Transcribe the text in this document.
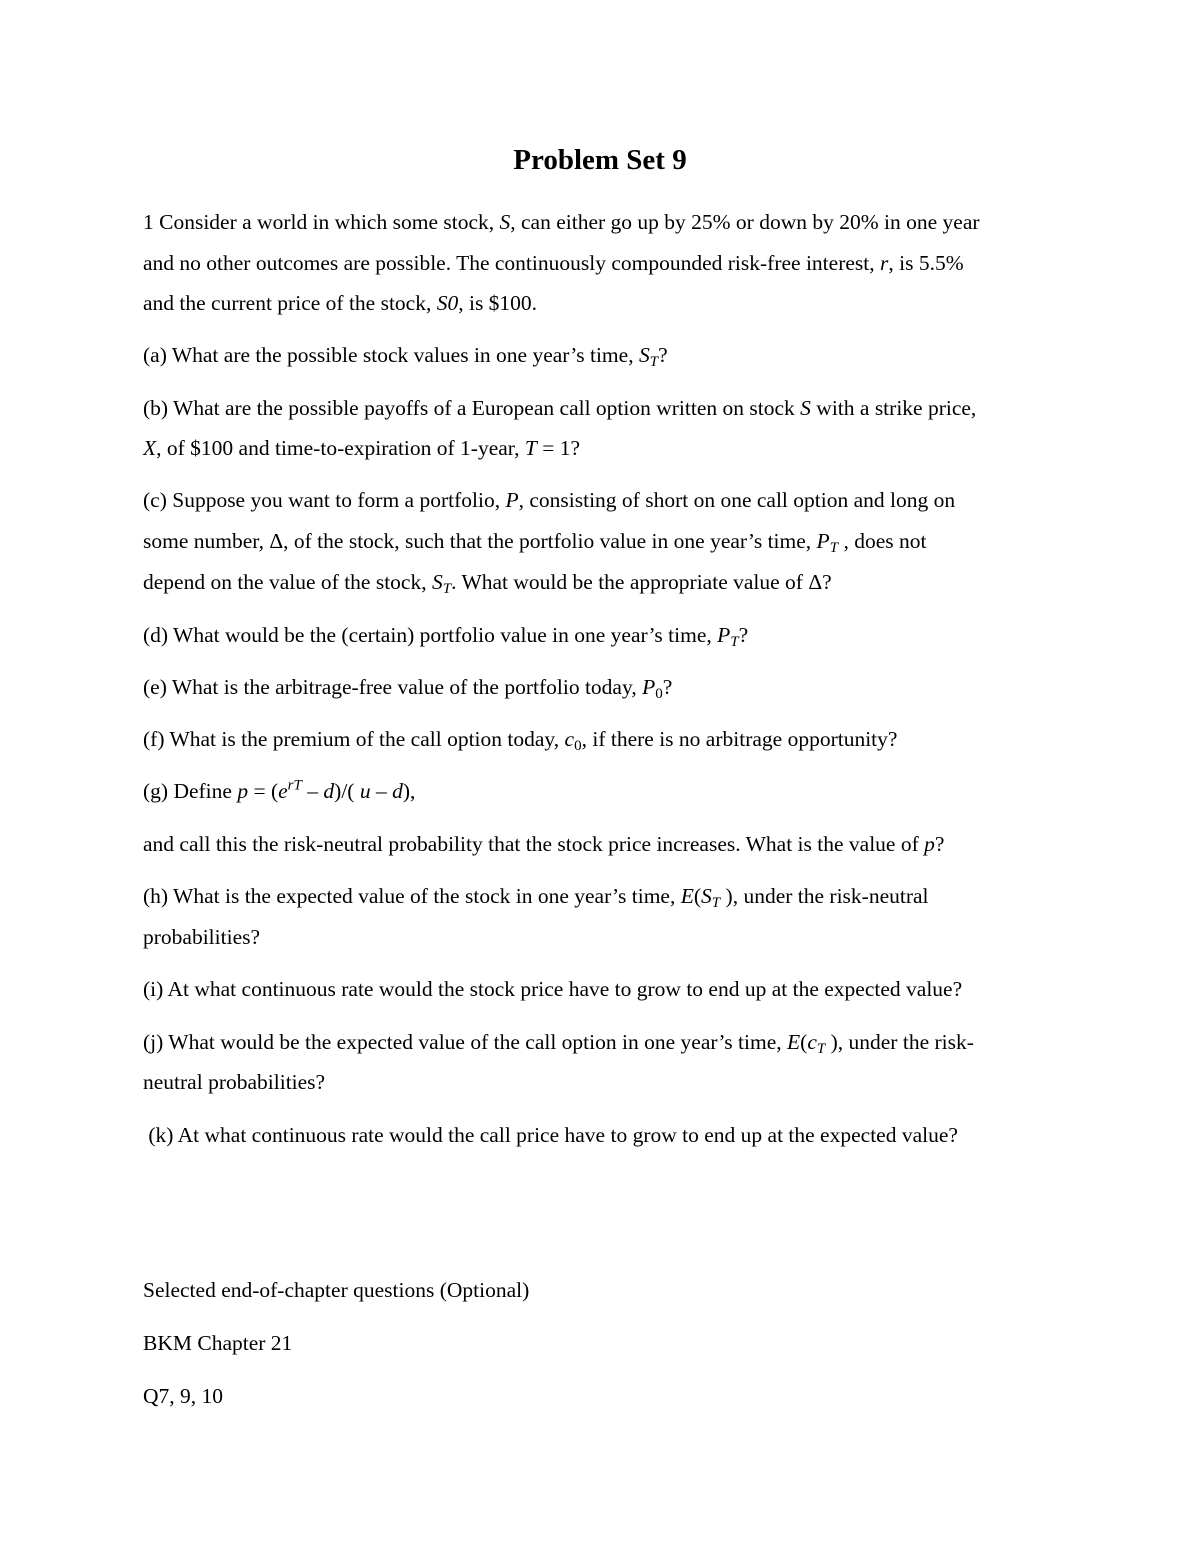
Problem Set 9
1 Consider a world in which some stock, S, can either go up by 25% or down by 20% in one year
and no other outcomes are possible. The continuously compounded risk-free interest, r, is 5.5%
and the current price of the stock, S0, is $100.
(a) What are the possible stock values in one year’s time, $S_T$?
(b) What are the possible payoffs of a European call option written on stock S with a strike price,
X, of $100 and time-to-expiration of 1-year, T = 1?
(c) Suppose you want to form a portfolio, P, consisting of short on one call option and long on
some number, Δ, of the stock, such that the portfolio value in one year’s time, $P_T$ , does not
depend on the value of the stock, $S_T$. What would be the appropriate value of Δ?
(d) What would be the (certain) portfolio value in one year’s time, $P_T$?
(e) What is the arbitrage-free value of the portfolio today, $P_0$?
(f) What is the premium of the call option today, $c_0$, if there is no arbitrage opportunity?
(g) Define $p = (e^{rT} - d)/$( u – d),
and call this the risk-neutral probability that the stock price increases. What is the value of p?
(h) What is the expected value of the stock in one year’s time, $E(S_T$ ), under the risk-neutral
probabilities?
(i) At what continuous rate would the stock price have to grow to end up at the expected value?
(j) What would be the expected value of the call option in one year’s time, $E(c_T$ ), under the risk-
neutral probabilities?
(k) At what continuous rate would the call price have to grow to end up at the expected value?
Selected end-of-chapter questions (Optional)
BKM Chapter 21
Q7, 9, 10
